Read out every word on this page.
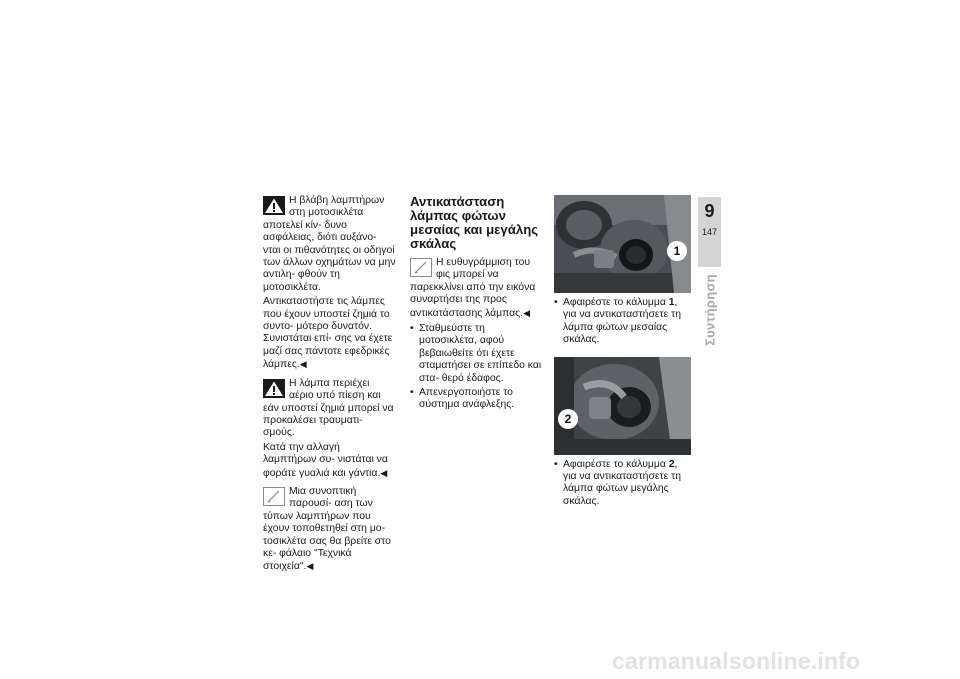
Η βλάβη λαμπτήρων στη μοτοσικλέτα αποτελεί κίν- δυνο ασφάλειας, διότι αυξάνο- νται οι πιθανότητες οι οδηγοί των άλλων οχημάτων να μην αντιλη- φθούν τη μοτοσικλέτα.

Αντικαταστήστε τις λάμπες που έχουν υποστεί ζημιά το συντο- μότερο δυνατόν. Συνιστάται επί- σης να έχετε μαζί σας πάντοτε εφεδρικές λάμπες.◀

Η λάμπα περιέχει αέριο υπό πίεση και εάν υποστεί ζημιά μπορεί να προκαλέσει τραυματι- σμούς.

Κατά την αλλαγή λαμπτήρων συ- νιστάται να φοράτε γυαλιά και γάντια.◀

Μια συνοπτική παρουσί- αση των τύπων λαμπτήρων που έχουν τοποθετηθεί στη μο- τοσικλέτα σας θα βρείτε στο κε- φάλαιο "Τεχνικά στοιχεία".◀

Αντικατάσταση λάμπας φώτων μεσαίας και μεγάλης σκάλας

Η ευθυγράμμιση του φις μπορεί να παρεκκλίνει από την εικόνα συναρτήσει της προς αντικατάστασης λάμπας.◀

• Σταθμεύστε τη μοτοσικλέτα, αφού βεβαιωθείτε ότι έχετε σταματήσει σε επίπεδο και στα- θερό έδαφος.
• Απενεργοποιήστε το σύστημα ανάφλεξης.
1
• Αφαιρέστε το κάλυμμα 1, για να αντικαταστήσετε τη λάμπα φώτων μεσαίας σκάλας.
2
• Αφαιρέστε το κάλυμμα 2, για να αντικαταστήσετε τη λάμπα φώτων μεγάλης σκάλας.
9
147
Συντήρηση
carmanualsonline.info
